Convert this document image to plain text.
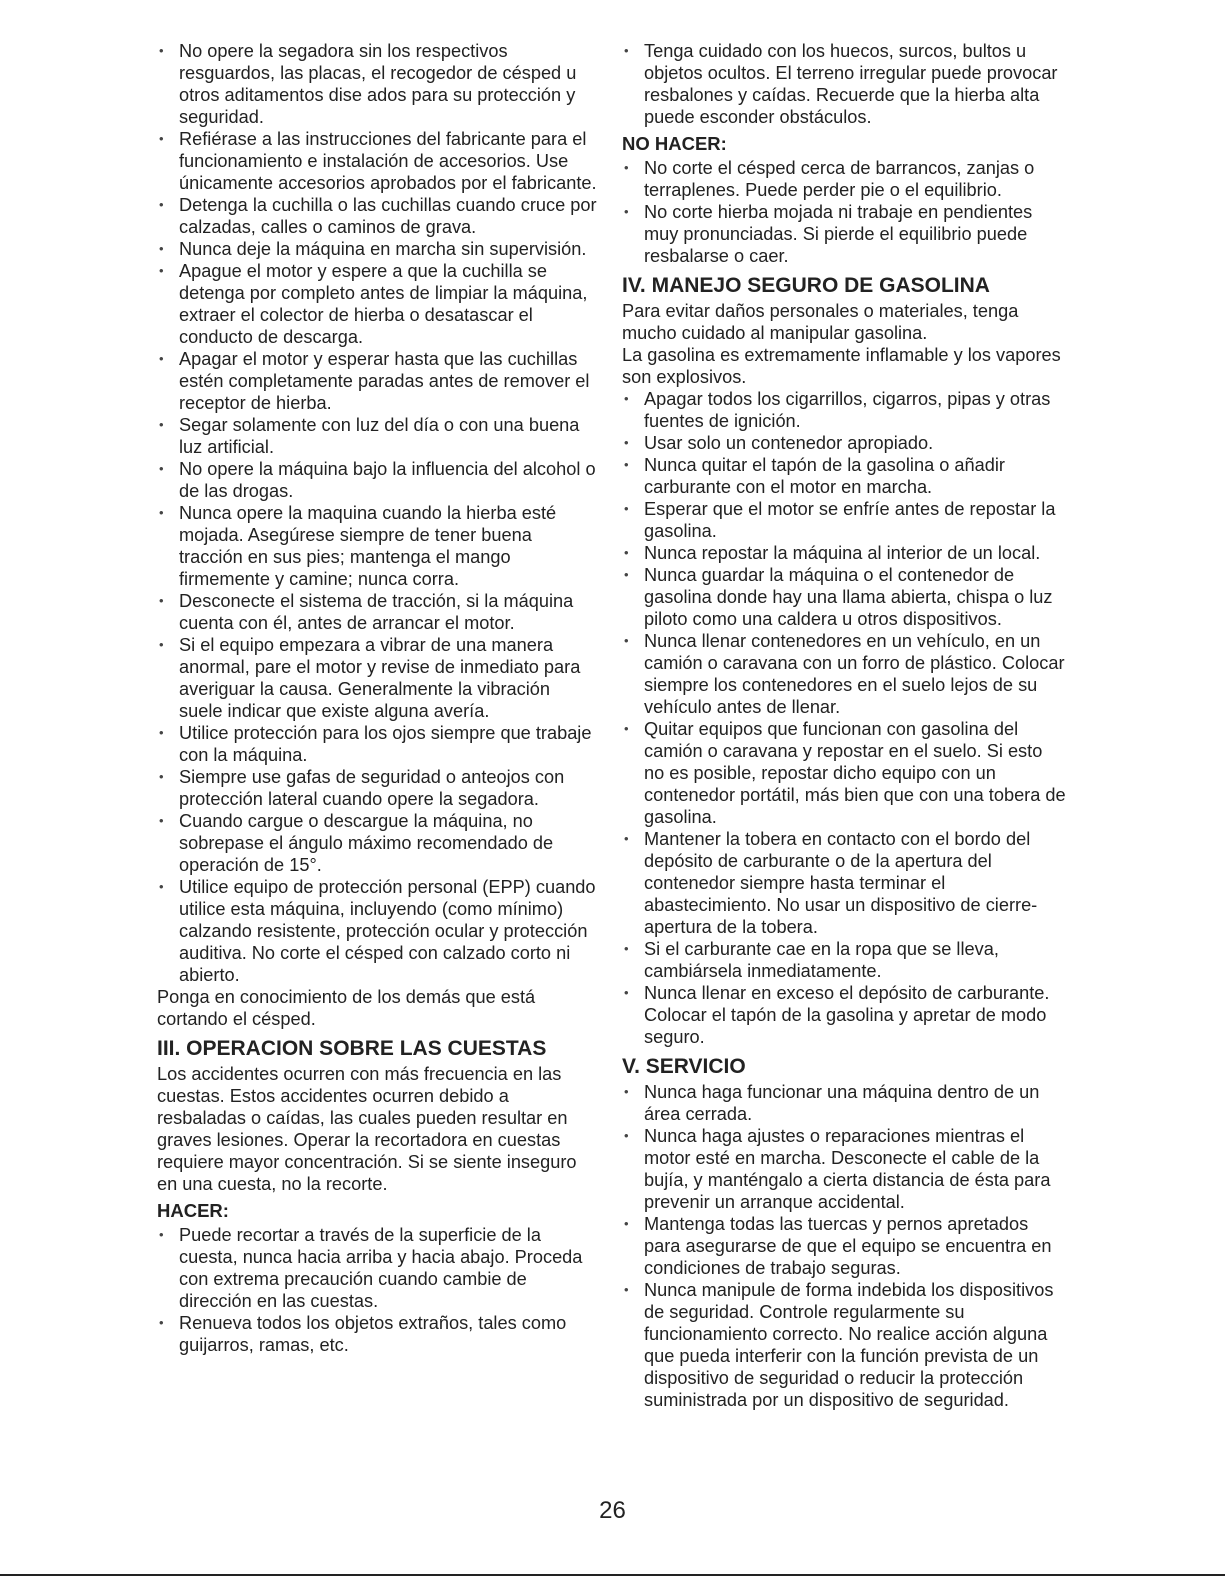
• No opere la segadora sin los respectivos resguardos, las placas, el recogedor de césped u otros aditamentos dise ados para su protección y seguridad.
• Refiérase a las instrucciones del fabricante para el funcionamiento e instalación de accesorios. Use únicamente accesorios aprobados por el fabricante.
• Detenga la cuchilla o las cuchillas cuando cruce por calzadas, calles o caminos de grava.
• Nunca deje la máquina en marcha sin supervisión.
• Apague el motor y espere a que la cuchilla se detenga por completo antes de limpiar la máquina, extraer el colector de hierba o desatascar el conducto de descarga.
• Apagar el motor y esperar hasta que las cuchillas estén completamente paradas antes de remover el receptor de hierba.
• Segar solamente con luz del día o con una buena luz artificial.
• No opere la máquina bajo la influencia del alcohol o de las drogas.
• Nunca opere la maquina cuando la hierba esté mojada. Asegúrese siempre de tener buena tracción en sus pies; mantenga el mango firmemente y camine; nunca corra.
• Desconecte el sistema de tracción, si la máquina cuenta con él, antes de arrancar el motor.
• Si el equipo empezara a vibrar de una manera anormal, pare el motor y revise de inmediato para averiguar la causa. Generalmente la vibración suele indicar que existe alguna avería.
• Utilice protección para los ojos siempre que trabaje con la máquina.
• Siempre use gafas de seguridad o anteojos con protección lateral cuando opere la segadora.
• Cuando cargue o descargue la máquina, no sobrepase el ángulo máximo recomendado de operación de 15°.
• Utilice equipo de protección personal (EPP) cuando utilice esta máquina, incluyendo (como mínimo) calzando resistente, protección ocular y protección auditiva. No corte el césped con calzado corto ni abierto.

Ponga en conocimiento de los demás que está cortando el césped.

III. OPERACION SOBRE LAS CUESTAS

Los accidentes ocurren con más frecuencia en las cuestas. Estos accidentes ocurren debido a resbaladas o caídas, las cuales pueden resultar en graves lesiones. Operar la recortadora en cuestas requiere mayor concentración. Si se siente inseguro en una cuesta, no la recorte.

HACER:
• Puede recortar a través de la superficie de la cuesta, nunca hacia arriba y hacia abajo. Proceda con extrema precaución cuando cambie de dirección en las cuestas.
• Renueva todos los objetos extraños, tales como guijarros, ramas, etc.
• Tenga cuidado con los huecos, surcos, bultos u objetos ocultos. El terreno irregular puede provocar resbalones y caídas. Recuerde que la hierba alta puede esconder obstáculos.
NO HACER:
• No corte el césped cerca de barrancos, zanjas o terraplenes. Puede perder pie o el equilibrio.
• No corte hierba mojada ni trabaje en pendientes muy pronunciadas. Si pierde el equilibrio puede resbalarse o caer.
IV. MANEJO SEGURO DE GASOLINA

Para evitar daños personales o materiales, tenga mucho cuidado al manipular gasolina.

La gasolina es extremamente inflamable y los vapores son explosivos.

• Apagar todos los cigarrillos, cigarros, pipas y otras fuentes de ignición.
• Usar solo un contenedor apropiado.
• Nunca quitar el tapón de la gasolina o añadir carburante con el motor en marcha.
• Esperar que el motor se enfríe antes de repostar la gasolina.
• Nunca repostar la máquina al interior de un local.
• Nunca guardar la máquina o el contenedor de gasolina donde hay una llama abierta, chispa o luz piloto como una caldera u otros dispositivos.
• Nunca llenar contenedores en un vehículo, en un camión o caravana con un forro de plástico. Colocar siempre los contenedores en el suelo lejos de su vehículo antes de llenar.
• Quitar equipos que funcionan con gasolina del camión o caravana y repostar en el suelo. Si esto no es posible, repostar dicho equipo con un contenedor portátil, más bien que con una tobera de gasolina.
• Mantener la tobera en contacto con el bordo del depósito de carburante o de la apertura del contenedor siempre hasta terminar el abastecimiento. No usar un dispositivo de cierre-apertura de la tobera.
• Si el carburante cae en la ropa que se lleva, cambiársela inmediatamente.
• Nunca llenar en exceso el depósito de carburante. Colocar el tapón de la gasolina y apretar de modo seguro.
V. SERVICIO
• Nunca haga funcionar una máquina dentro de un área cerrada.
• Nunca haga ajustes o reparaciones mientras el motor esté en marcha. Desconecte el cable de la bujía, y manténgalo a cierta distancia de ésta para prevenir un arranque accidental.
• Mantenga todas las tuercas y pernos apretados para asegurarse de que el equipo se encuentra en condiciones de trabajo seguras.
• Nunca manipule de forma indebida los dispositivos de seguridad. Controle regularmente su funcionamiento correcto. No realice acción alguna que pueda interferir con la función prevista de un dispositivo de seguridad o reducir la protección suministrada por un dispositivo de seguridad.
26
